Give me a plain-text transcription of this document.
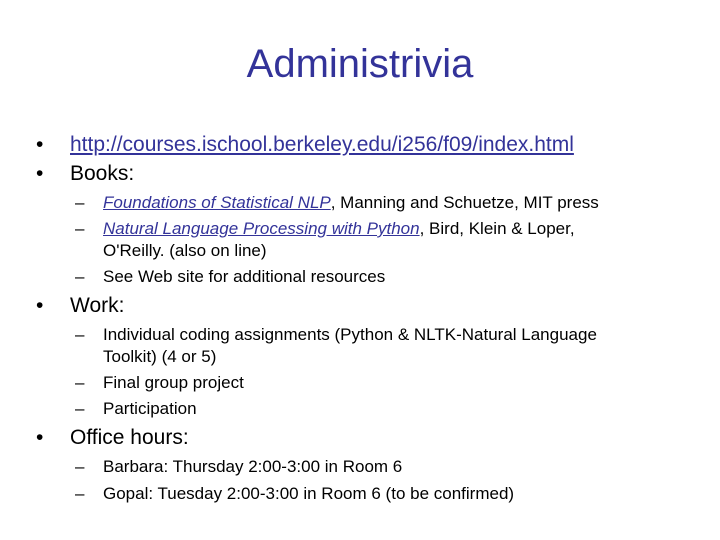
Administrivia
• http://courses.ischool.berkeley.edu/i256/f09/index.html
• Books:
– Foundations of Statistical NLP, Manning and Schuetze, MIT press
– Natural Language Processing with Python, Bird, Klein & Loper,
O'Reilly. (also on line)
– See Web site for additional resources
• Work:
– Individual coding assignments (Python & NLTK-Natural Language
Toolkit) (4 or 5)
– Final group project
– Participation
• Office hours:
– Barbara: Thursday 2:00-3:00 in Room 6
– Gopal: Tuesday 2:00-3:00 in Room 6 (to be confirmed)
